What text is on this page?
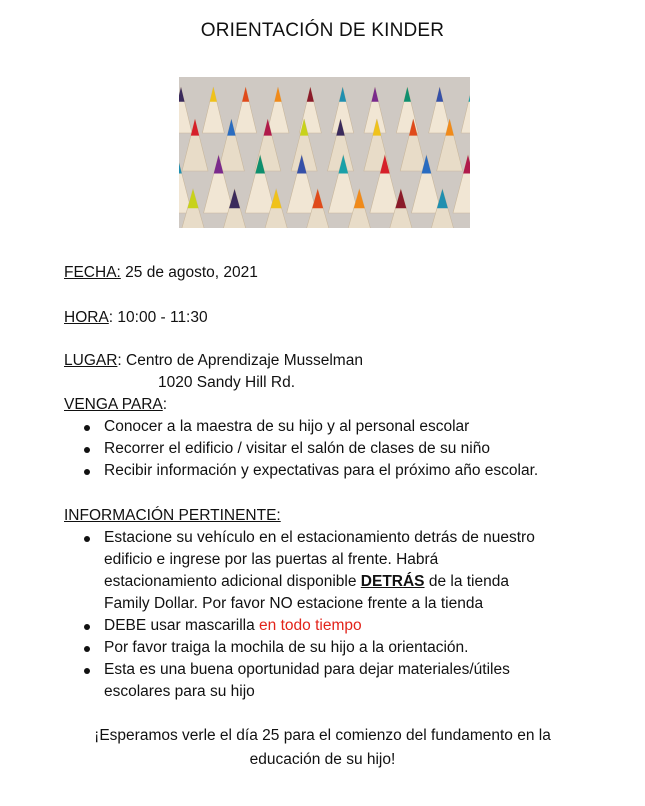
ORIENTACIÓN DE KINDER
FECHA: 25 de agosto, 2021
HORA: 10:00 - 11:30
LUGAR: Centro de Aprendizaje Musselman
1020 Sandy Hill Rd.
VENGA PARA:
Conocer a la maestra de su hijo y al personal escolar
Recorrer el edificio / visitar el salón de clases de su niño
Recibir información y expectativas para el próximo año escolar.
INFORMACIÓN PERTINENTE:
Estacione su vehículo en el estacionamiento detrás de nuestro
edificio e ingrese por las puertas al frente. Habrá
estacionamiento adicional disponible DETRÁS de la tienda
Family Dollar. Por favor NO estacione frente a la tienda
DEBE usar mascarilla en todo tiempo
Por favor traiga la mochila de su hijo a la orientación.
Esta es una buena oportunidad para dejar materiales/útiles
escolares para su hijo
¡Esperamos verle el día 25 para el comienzo del fundamento en la
educación de su hijo!
